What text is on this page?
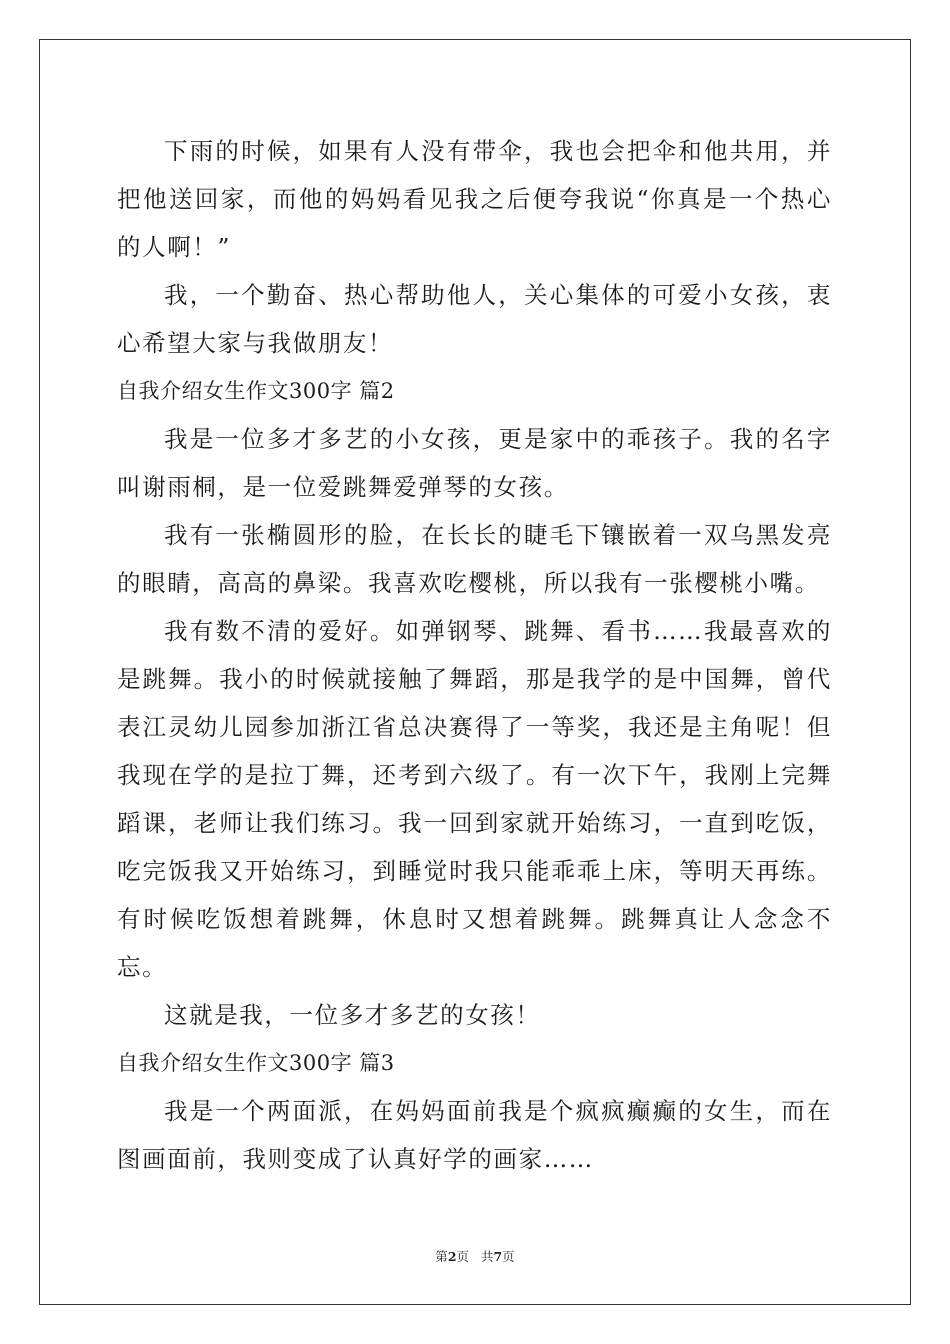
下雨的时候，如果有人没有带伞，我也会把伞和他共用，并把他送回家，而他的妈妈看见我之后便夸我说“你真是一个热心的人啊！”

我，一个勤奋、热心帮助他人，关心集体的可爱小女孩，衷心希望大家与我做朋友！

自我介绍女生作文300字 篇2

我是一位多才多艺的小女孩，更是家中的乖孩子。我的名字叫谢雨桐，是一位爱跳舞爱弹琴的女孩。

我有一张椭圆形的脸，在长长的睫毛下镶嵌着一双乌黑发亮的眼睛，高高的鼻梁。我喜欢吃樱桃，所以我有一张樱桃小嘴。

我有数不清的爱好。如弹钢琴、跳舞、看书……我最喜欢的是跳舞。我小的时候就接触了舞蹈，那是我学的是中国舞，曾代表江灵幼儿园参加浙江省总决赛得了一等奖，我还是主角呢！但我现在学的是拉丁舞，还考到六级了。有一次下午，我刚上完舞蹈课，老师让我们练习。我一回到家就开始练习，一直到吃饭，吃完饭我又开始练习，到睡觉时我只能乖乖上床，等明天再练。有时候吃饭想着跳舞，休息时又想着跳舞。跳舞真让人念念不忘。

这就是我，一位多才多艺的女孩！

自我介绍女生作文300字 篇3

我是一个两面派，在妈妈面前我是个疯疯癫癫的女生，而在图画面前，我则变成了认真好学的画家……

第2页 共7页
